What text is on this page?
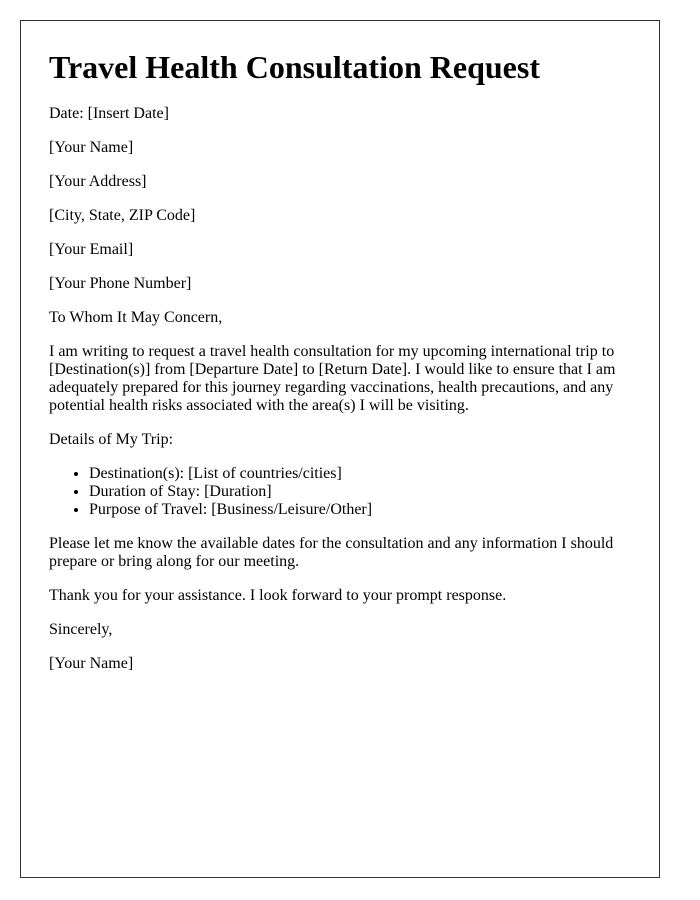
Travel Health Consultation Request

Date: [Insert Date]

[Your Name]

[Your Address]

[City, State, ZIP Code]

[Your Email]

[Your Phone Number]

To Whom It May Concern,

I am writing to request a travel health consultation for my upcoming international trip to [Destination(s)] from [Departure Date] to [Return Date]. I would like to ensure that I am adequately prepared for this journey regarding vaccinations, health precautions, and any potential health risks associated with the area(s) I will be visiting.

Details of My Trip:

• Destination(s): [List of countries/cities]
• Duration of Stay: [Duration]
• Purpose of Travel: [Business/Leisure/Other]

Please let me know the available dates for the consultation and any information I should prepare or bring along for our meeting.

Thank you for your assistance. I look forward to your prompt response.

Sincerely,

[Your Name]
